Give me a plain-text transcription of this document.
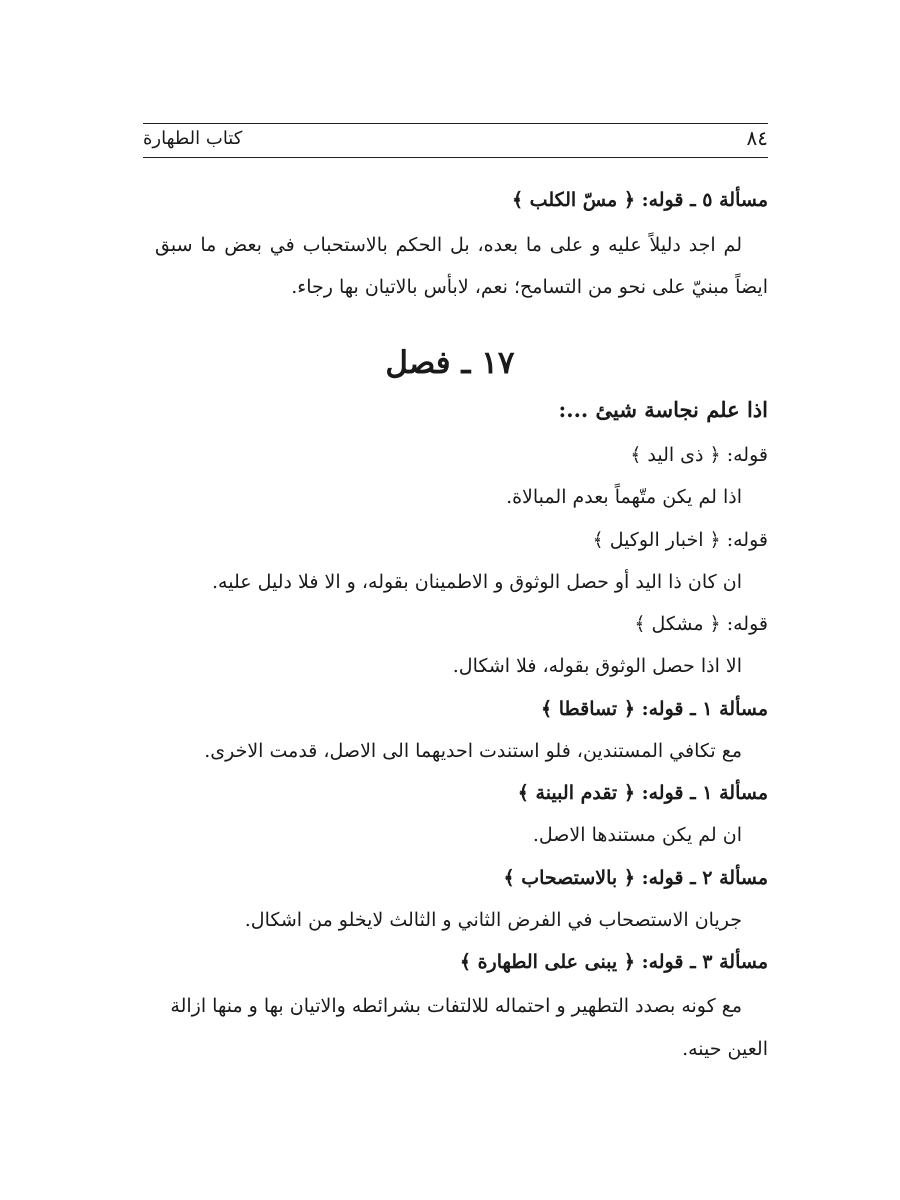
كتاب الطهارة	٨٤
مسألة ٥ ـ قوله: ﴿ مسّ الكلب ﴾
لم اجد دليلاً عليه و على ما بعده، بل الحكم بالاستحباب في بعض ما سبق
ايضاً مبنيّ على نحو من التسامح؛ نعم، لابأس بالاتيان بها رجاء.
١٧ ـ فصل
اذا علم نجاسة شيئ ...:
قوله: ﴿ ذى اليد ﴾
اذا لم يكن متّهماً بعدم المبالاة.
قوله: ﴿ اخبار الوكيل ﴾
ان كان ذا اليد أو حصل الوثوق و الاطمينان بقوله، و الا فلا دليل عليه.
قوله: ﴿ مشكل ﴾
الا اذا حصل الوثوق بقوله، فلا اشكال.
مسألة ١ ـ قوله: ﴿ تساقطا ﴾
مع تكافي المستندين، فلو استندت احديهما الى الاصل، قدمت الاخرى.
مسألة ١ ـ قوله: ﴿ تقدم البينة ﴾
ان لم يكن مستندها الاصل.
مسألة ٢ ـ قوله: ﴿ بالاستصحاب ﴾
جريان الاستصحاب في الفرض الثاني و الثالث لايخلو من اشكال.
مسألة ٣ ـ قوله: ﴿ يبنى على الطهارة ﴾
مع كونه بصدد التطهير و احتماله للالتفات بشرائطه والاتيان بها و منها ازالة
العين حينه.
